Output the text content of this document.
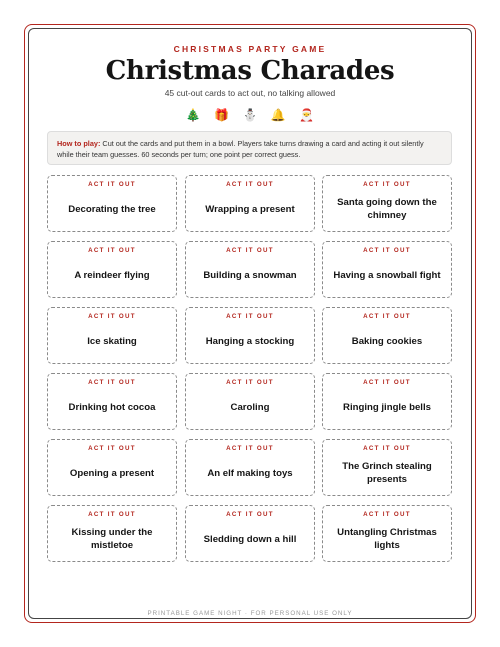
CHRISTMAS PARTY GAME
Christmas Charades
45 cut-out cards to act out, no talking allowed
🎄 🎁 ⛄ 🔔 🎅
How to play: Cut out the cards and put them in a bowl. Players take turns drawing a card and acting it out silently while their team guesses. 60 seconds per turn; one point per correct guess.
ACT IT OUT
Decorating the tree
ACT IT OUT
Wrapping a present
ACT IT OUT
Santa going down the chimney
ACT IT OUT
A reindeer flying
ACT IT OUT
Building a snowman
ACT IT OUT
Having a snowball fight
ACT IT OUT
Ice skating
ACT IT OUT
Hanging a stocking
ACT IT OUT
Baking cookies
ACT IT OUT
Drinking hot cocoa
ACT IT OUT
Caroling
ACT IT OUT
Ringing jingle bells
ACT IT OUT
Opening a present
ACT IT OUT
An elf making toys
ACT IT OUT
The Grinch stealing presents
ACT IT OUT
Kissing under the mistletoe
ACT IT OUT
Sledding down a hill
ACT IT OUT
Untangling Christmas lights
PRINTABLE GAME NIGHT · FOR PERSONAL USE ONLY
